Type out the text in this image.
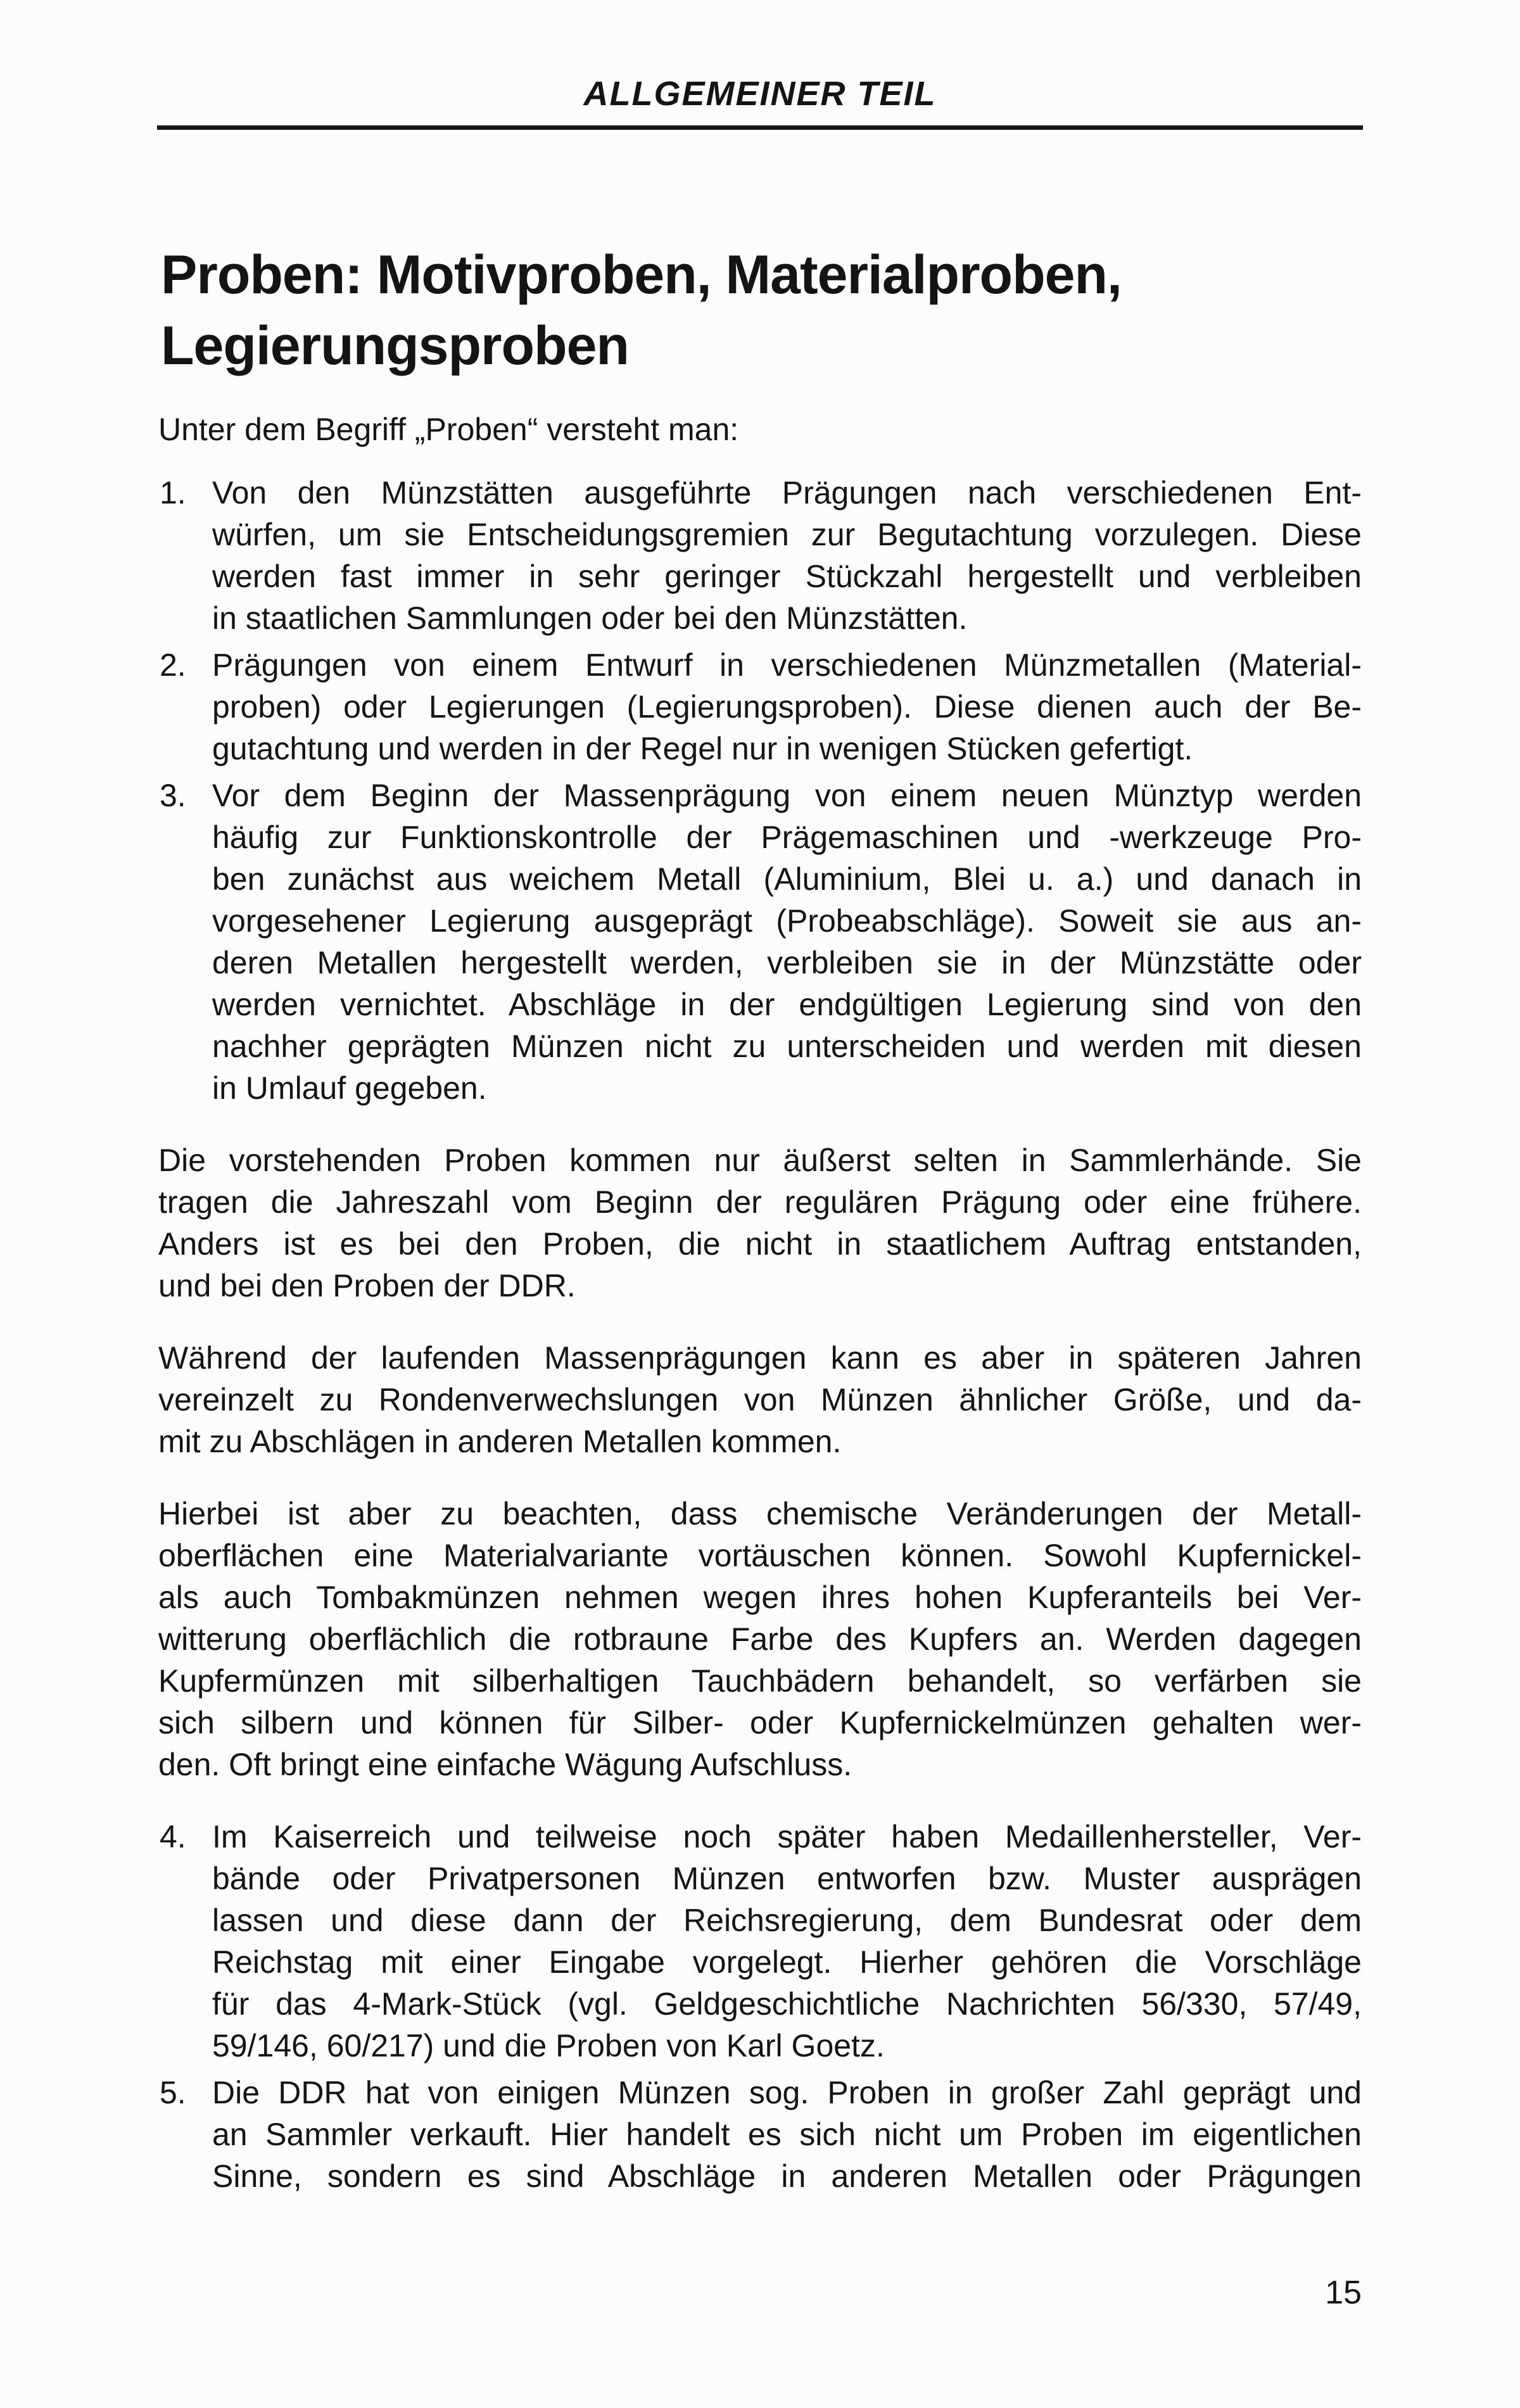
ALLGEMEINER TEIL
Proben: Motivproben, Materialproben,
Legierungsproben
Unter dem Begriff „Proben“ versteht man:
1. Von den Münzstätten ausgeführte Prägungen nach verschiedenen Ent-
würfen, um sie Entscheidungsgremien zur Begutachtung vorzulegen. Diese
werden fast immer in sehr geringer Stückzahl hergestellt und verbleiben
in staatlichen Sammlungen oder bei den Münzstätten.
2. Prägungen von einem Entwurf in verschiedenen Münzmetallen (Material-
proben) oder Legierungen (Legierungsproben). Diese dienen auch der Be-
gutachtung und werden in der Regel nur in wenigen Stücken gefertigt.
3. Vor dem Beginn der Massenprägung von einem neuen Münztyp werden
häufig zur Funktionskontrolle der Prägemaschinen und -werkzeuge Pro-
ben zunächst aus weichem Metall (Aluminium, Blei u. a.) und danach in
vorgesehener Legierung ausgeprägt (Probeabschläge). Soweit sie aus an-
deren Metallen hergestellt werden, verbleiben sie in der Münzstätte oder
werden vernichtet. Abschläge in der endgültigen Legierung sind von den
nachher geprägten Münzen nicht zu unterscheiden und werden mit diesen
in Umlauf gegeben.
Die vorstehenden Proben kommen nur äußerst selten in Sammlerhände. Sie
tragen die Jahreszahl vom Beginn der regulären Prägung oder eine frühere.
Anders ist es bei den Proben, die nicht in staatlichem Auftrag entstanden,
und bei den Proben der DDR.
Während der laufenden Massenprägungen kann es aber in späteren Jahren
vereinzelt zu Rondenverwechslungen von Münzen ähnlicher Größe, und da-
mit zu Abschlägen in anderen Metallen kommen.
Hierbei ist aber zu beachten, dass chemische Veränderungen der Metall-
oberflächen eine Materialvariante vortäuschen können. Sowohl Kupfernickel-
als auch Tombakmünzen nehmen wegen ihres hohen Kupferanteils bei Ver-
witterung oberflächlich die rotbraune Farbe des Kupfers an. Werden dagegen
Kupfermünzen mit silberhaltigen Tauchbädern behandelt, so verfärben sie
sich silbern und können für Silber- oder Kupfernickelmünzen gehalten wer-
den. Oft bringt eine einfache Wägung Aufschluss.
4. Im Kaiserreich und teilweise noch später haben Medaillenhersteller, Ver-
bände oder Privatpersonen Münzen entworfen bzw. Muster ausprägen
lassen und diese dann der Reichsregierung, dem Bundesrat oder dem
Reichstag mit einer Eingabe vorgelegt. Hierher gehören die Vorschläge
für das 4-Mark-Stück (vgl. Geldgeschichtliche Nachrichten 56/330, 57/49,
59/146, 60/217) und die Proben von Karl Goetz.
5. Die DDR hat von einigen Münzen sog. Proben in großer Zahl geprägt und
an Sammler verkauft. Hier handelt es sich nicht um Proben im eigentlichen
Sinne, sondern es sind Abschläge in anderen Metallen oder Prägungen
15
